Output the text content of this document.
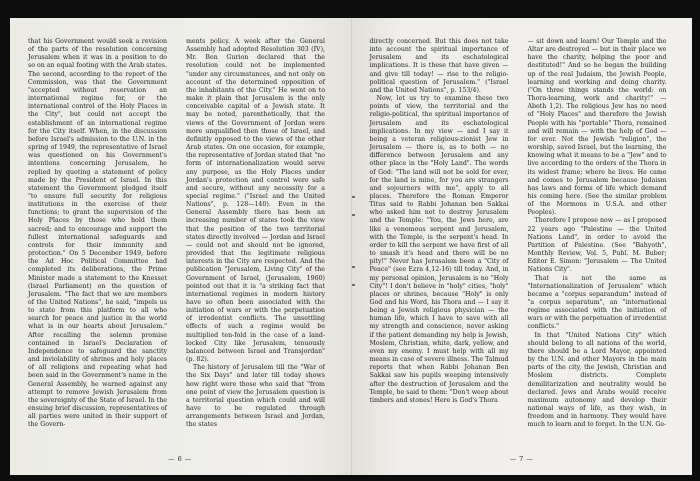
that his Government would seek a revision of the parts of the resolution concerning Jerusalem when it was in a position to do so on an equal footing with the Arab states. The second, according to the report of the Commission, was that the Government "accepted without reservation an international regime for, or the international control of the Holy Places in the City", but could not accept the establishment of an international regime for the City itself. When, in the discussion before Israel's admission to the U.N. in the spring of 1949, the representative of Israel was questioned on his Government's intentions concerning Jerusalem, he replied by quoting a statement of policy made by the President of Israel. In this statement the Government pledged itself "to ensure full security for religious institutions in the exercise of their functions; to grant the supervision of the Holy Places by those who hold them sacred; and to encourage and support the fullest international safeguards and controls for their immunity and protection." On 5 December 1949, before the Ad Hoc Political Committee had completed its deliberations, the Prime Minister made a statement to the Knesset (Israel Parliament) on the question of Jerusalem. "The fact that we are members of the United Nations", he said, "impels us to state from this platform to all who search for peace and justice in the world what is in our hearts about Jerusalem." After recalling the solemn promise contained in Israel's Declaration of Independence to safeguard the sanctity and inviolability of shrines and holy places of all religions and repeating what had been said in the Government's name in the General Assembly, he warned against any attempt to remove Jewish Jerusalem from the sovereignty of the State of Israel. In the ensuing brief discussion, representatives of all parties were united in their support of the Govern-

ments policy. A week after the General Assembly had adopted Resolution 303 (IV), Mr. Ben Gurion declared that the resolution could not be implemented "under any circumstances, and not only on account of the determined opposition of the inhabitants of the City." He went on to make it plain that Jerusalem is the only conceivable capital of a Jewish state. It may be noted, parenthetically, that the views of the Government of Jordan were more unqualified then those of Israel, and definitly opposed to the views of the other Arab states. On one occasion, for example, the representative of Jordan stated that "no form of internationalization would serve any purpose, as the Holy Places under Jordan's protection and control were safe and secure, without any necessity for a special regime." ("Israel and the United Nations", p. 128—140). Even in the General Assembly there has been an increasing number of states took the view that the position of the two territorial states directly involved — Jordan and Israel — could not and should not be ignored, provided that the legitimate religious interests in the City are respected. And the publication "Jerusalem, Living City" of the Government of Israel, (Jerusalem, 1960) pointed out that it is "a striking fact that international regimes in modern history have so often been associated with the initiation of wars or with the perpetuation of irredentist conflicts. The unsettling effects of such a regime would be multiplied ten-fold in the case of a land-locked City like Jerusalem, tenuously balanced between Israel and Transjordan" (p. 82).

The history of Jerusalem till the "War of the Six Days" and later till today shows how right were those who said that "from one point of view the Jerusalem question is a territorial question which could and will have to be regulated through arrangements between Israel and Jordan, the states

— 6 —

directly concerned. But this does not take into account the spiritual importance of Jerusalem and its eschatological implications. It is these that have given — and give till today! — rise to the religio-political question of Jerusalem." ("Israel and the United Nations", p. 153/4).

Now, let us try to examine these two points of view, the territorial and the religio-political, the spiritual importance of Jerusalem and its eschatological implications. In my view — and I say it being a veteran religious-zionist Jew in Jerusalem — there is, as to both — no difference between Jerusalem and any other place in the "Holy Land". The words of God: "The land will not be sold for ever, for the land is mine, for you are strangers and sojourners with me", apply to all places. Therefore the Roman Emperor Titus said to Rabbi Johanan ben Sakkai who asked him not to destroy Jerusalem and the Temple: "You, the Jews here, are like a venomous serpent and Jerusalem, with the Temple, is the serpent's head. In order to kill the serpent we have first of all to smash it's head and there will be no pity!" Never has Jerusalem been a "City of Peace" (see Ezra 4,12-16) till today. And, in my personal opinion, Jerusalem is no "Holy City"! I don't believe in "holy" cities, "holy" places or shrines, because "Holy" is only God and his Word, his Thora and — I say it being a Jewish religious physician — the human life, which I have to save with all my strength and conscience, never asking if the patient demanding my help is Jewish, Moslem, Christian, white, dark, yellow, and even my enemy. I must help with all my means in case of severe illness. The Talmud reports that when Rabbi Johanan Ben Sakkai saw his pupils weeping intensively after the destruction of Jerusalem and the Temple, he said to them: "Don't weep about timbers and stones! Here is God's Thora

— sit down and learn! Our Temple and the Altar are destroyed — but in their place we have the charity, helping the poor and destituted!" And so he began the building up of the real Judaism, the Jewish People, learning and working and doing charity. ("On three things stands the world: on Thora-learning, work and charity!" — Aboth 1,2). The religious Jew has no need of "Holy Places" and therefore the Jewish People with his "portable" Thora, remained and will remain — with the help of God — for ever. Not the Jewish "religion", the worship, saved Israel, but the learning, the knowing what it means to be a "Jew" and to live according to the orders of the Thora in its widest frame; where he lives. He came and comes to Jerusalem because Judaism has laws and forms of life which demand his coming here. (See the similar problem of the Mormons in U.S.A. and other Peoples).

Therefore I propose now — as I proposed 22 years ago "Palestine — the United Nations Land", in order to avoid the Partition of Palestine. (See "Bahyoth", Monthly Review, Vol. 5, Publ. M. Buber; Editor E. Simon: "Jerusalem — The United Nations City".

That is not the same as "Internationalization of Jerusalem" which became a "corpus separandum" instead of "a corpus separatum", an "international regime associated with the initiation of wars or with the perpetuation of irredentist conflicts."

In that "United Nations City" which should belong to all nations of the world, there should be a Lord Mayor, appointed by the U.N. and other Mayors in the main parts of the city, the Jewish, Christian and Moslem districts. Complete demilitarization and neutrality would be declared. Jews and Arabs would receive maximum autonomy and develop their national ways of life, as they wish, in freedom and in harmony. They would have much to learn and to forget. In the U.N. Ge-

— 7 —
